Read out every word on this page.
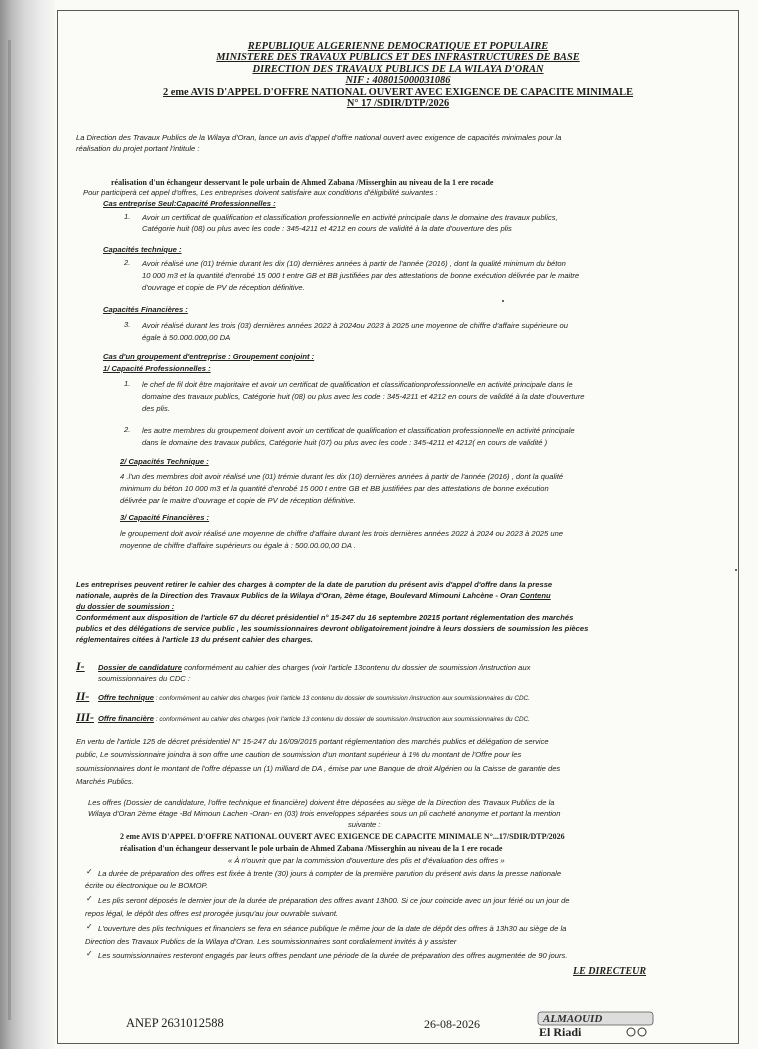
REPUBLIQUE ALGERIENNE DEMOCRATIQUE ET POPULAIRE
MINISTERE DES TRAVAUX PUBLICS ET DES INFRASTRUCTURES DE BASE
DIRECTION DES TRAVAUX PUBLICS DE LA WILAYA D'ORAN
NIF : 408015000031086
2 eme AVIS D'APPEL D'OFFRE NATIONAL OUVERT AVEC EXIGENCE DE CAPACITE MINIMALE
N° 17 /SDIR/DTP/2026
La Direction des Travaux Publics de la Wilaya d'Oran, lance un avis d'appel d'offre national ouvert avec exigence de capacités minimales pour la
réalisation du projet portant l'intitule :
réalisation d'un échangeur desservant le pole urbain de Ahmed Zabana /Misserghin au niveau de la 1 ere rocade
Pour participerà cet appel d'offres, Les entreprises doivent satisfaire aux conditions d'éligibilité suivantes :
Cas entreprise Seul:Capacité Professionnelles :
1. Avoir un certificat de qualification et classification professionnelle en activité principale dans le domaine des travaux publics,
Catégorie huit (08) ou plus avec les code : 345-4211 et 4212 en cours de validité à la date d'ouverture des plis
Capacités technique :
2. Avoir réalisé une (01) trémie durant les dix (10) dernières années à partir de l'année (2016) , dont la qualité minimum du béton
10 000 m3 et la quantité d'enrobé 15 000 t entre GB et BB justifiées par des attestations de bonne exécution délivrée par le maitre
d'ouvrage et copie de PV de réception définitive.
Capacités Financières :
3. Avoir réalisé durant les trois (03) dernières années 2022 à 2024ou 2023 à 2025 une moyenne de chiffre d'affaire supérieure ou
égale à 50.000.000,00 DA
Cas d'un groupement d'entreprise : Groupement conjoint :
1/ Capacité Professionnelles :
1. le chef de fil doit être majoritaire et avoir un certificat de qualification et classificationprofessionnelle en activité principale dans le
domaine des travaux publics, Catégorie huit (08) ou plus avec les code : 345-4211 et 4212 en cours de validité à la date d'ouverture
des plis.
2. les autre membres du groupement doivent avoir un certificat de qualification et classification professionnelle en activité principale
dans le domaine des travaux publics, Catégorie huit (07) ou plus avec les code : 345-4211 et 4212( en cours de validité )
2/ Capacités Technique :
4 .l'un des membres doit avoir réalisé une (01) trémie durant les dix (10) dernières années à partir de l'année (2016) , dont la qualité
minimum du béton 10 000 m3 et la quantité d'enrobé 15 000 t entre GB et BB justifiées par des attestations de bonne exécution
délivrée par le maitre d'ouvrage et copie de PV de réception définitive.
3/ Capacité Financières :
le groupement doit avoir réalisé une moyenne de chiffre d'affaire durant les trois dernières années 2022 à 2024 ou 2023 à 2025 une
moyenne de chiffre d'affaire supérieurs ou égale à : 500.00.00,00 DA .
Les entreprises peuvent retirer le cahier des charges à compter de la date de parution du présent avis d'appel d'offre dans la presse
nationale, auprès de la Direction des Travaux Publics de la Wilaya d'Oran, 2ème étage, Boulevard Mimouni Lahcène - Oran Contenu
du dossier de soumission :
Conformément aux disposition de l'article 67 du décret présidentiel n° 15-247 du 16 septembre 20215 portant réglementation des marchés
publics et des délégations de service public , les soumissionnaires devront obligatoirement joindre à leurs dossiers de soumission les pièces
réglementaires citées à l'article 13 du présent cahier des charges.
I- Dossier de candidature conformément au cahier des charges (voir l'article 13contenu du dossier de soumission /instruction aux
soumissionnaires du CDC :
II- Offre technique : conformément au cahier des charges (voir l'article 13 contenu du dossier de soumission /instruction aux soumissionnaires du CDC.
III- Offre financière : conformément au cahier des charges (voir l'article 13 contenu du dossier de soumission /instruction aux soumissionnaires du CDC.
En vertu de l'article 125 de décret présidentiel N° 15-247 du 16/09/2015 portant réglementation des marchés publics et délégation de service
public, Le soumissionnaire joindra à son offre une caution de soumission d'un montant supérieur à 1% du montant de l'Offre pour les
soumissionnaires dont le montant de l'offre dépasse un (1) milliard de DA , émise par une Banque de droit Algérien ou la Caisse de garantie des
Marchés Publics.
Les offres (Dossier de candidature, l'offre technique et financière) doivent être déposées au siège de la Direction des Travaux Publics de la
Wilaya d'Oran 2ème étage -Bd Mimoun Lachen -Oran- en (03) trois enveloppes séparées sous un pli cacheté anonyme et portant la mention
suivante :
2 eme AVIS D'APPEL D'OFFRE NATIONAL OUVERT AVEC EXIGENCE DE CAPACITE MINIMALE N°...17/SDIR/DTP/2026
réalisation d'un échangeur desservant le pole urbain de Ahmed Zabana /Misserghin au niveau de la 1 ere rocade
« À n'ouvrir que par la commission d'ouverture des plis et d'évaluation des offres »
✓ La durée de préparation des offres est fixée à trente (30) jours à compter de la première parution du présent avis dans la presse nationale
écrite ou électronique ou le BOMOP.
✓ Les plis seront déposés le dernier jour de la durée de préparation des offres avant 13h00. Si ce jour coincide avec un jour férié ou un jour de
repos légal, le dépôt des offres est prorogée jusqu'au jour ouvrable suivant.
✓ L'ouverture des plis techniques et financiers se fera en séance publique le même jour de la date de dépôt des offres à 13h30 au siège de la
Direction des Travaux Publics de la Wilaya d'Oran. Les soumissionnaires sont cordialement invités à y assister
✓ Les soumissionnaires resteront engagés par leurs offres pendant une période de la durée de préparation des offres augmentée de 90 jours.
LE DIRECTEUR
ANEP 2631012588	26-08-2026	ALMAOUID
El Riadi
